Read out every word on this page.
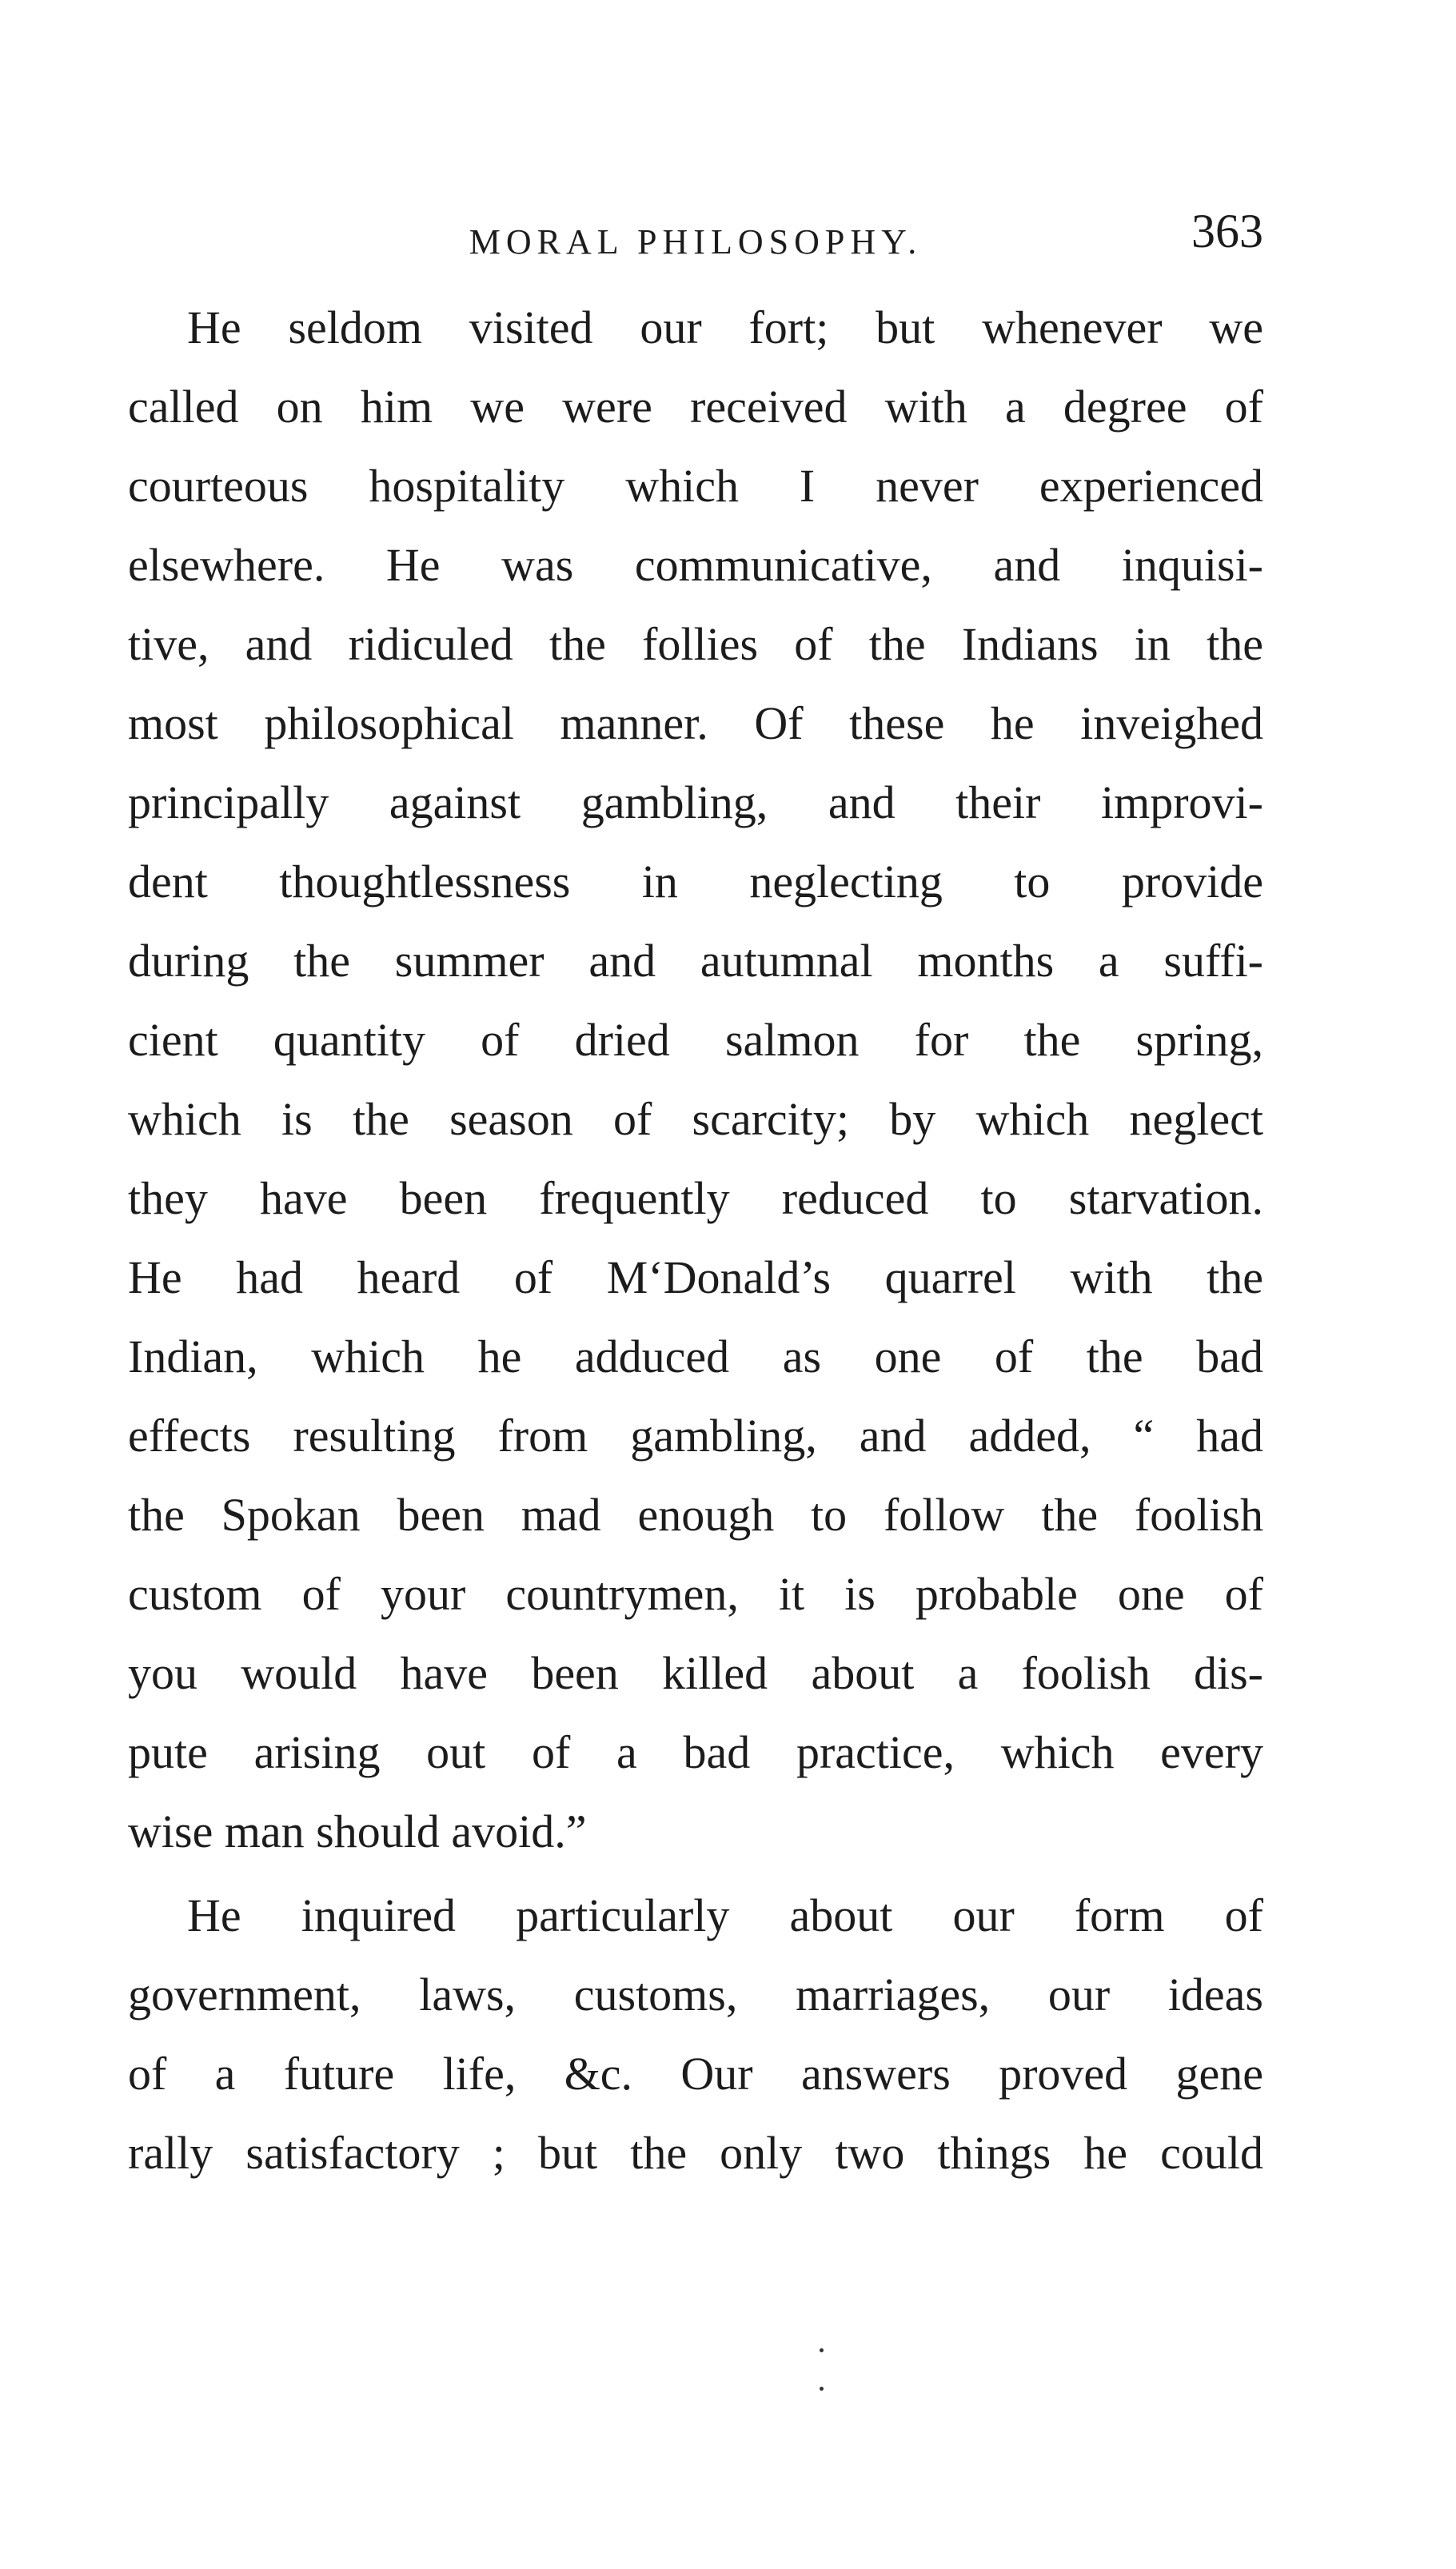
MORAL PHILOSOPHY.	363
He seldom visited our fort; but whenever we
called on him we were received with a degree of
courteous hospitality which I never experienced
elsewhere. He was communicative, and inquisi-
tive, and ridiculed the follies of the Indians in the
most philosophical manner. Of these he inveighed
principally against gambling, and their improvi-
dent thoughtlessness in neglecting to provide
during the summer and autumnal months a suffi-
cient quantity of dried salmon for the spring,
which is the season of scarcity; by which neglect
they have been frequently reduced to starvation.
He had heard of M‘Donald’s quarrel with the
Indian, which he adduced as one of the bad
effects resulting from gambling, and added, “ had
the Spokan been mad enough to follow the foolish
custom of your countrymen, it is probable one of
you would have been killed about a foolish dis-
pute arising out of a bad practice, which every
wise man should avoid.”
He inquired particularly about our form of
government, laws, customs, marriages, our ideas
of a future life, &c. Our answers proved gene
rally satisfactory ; but the only two things he could
